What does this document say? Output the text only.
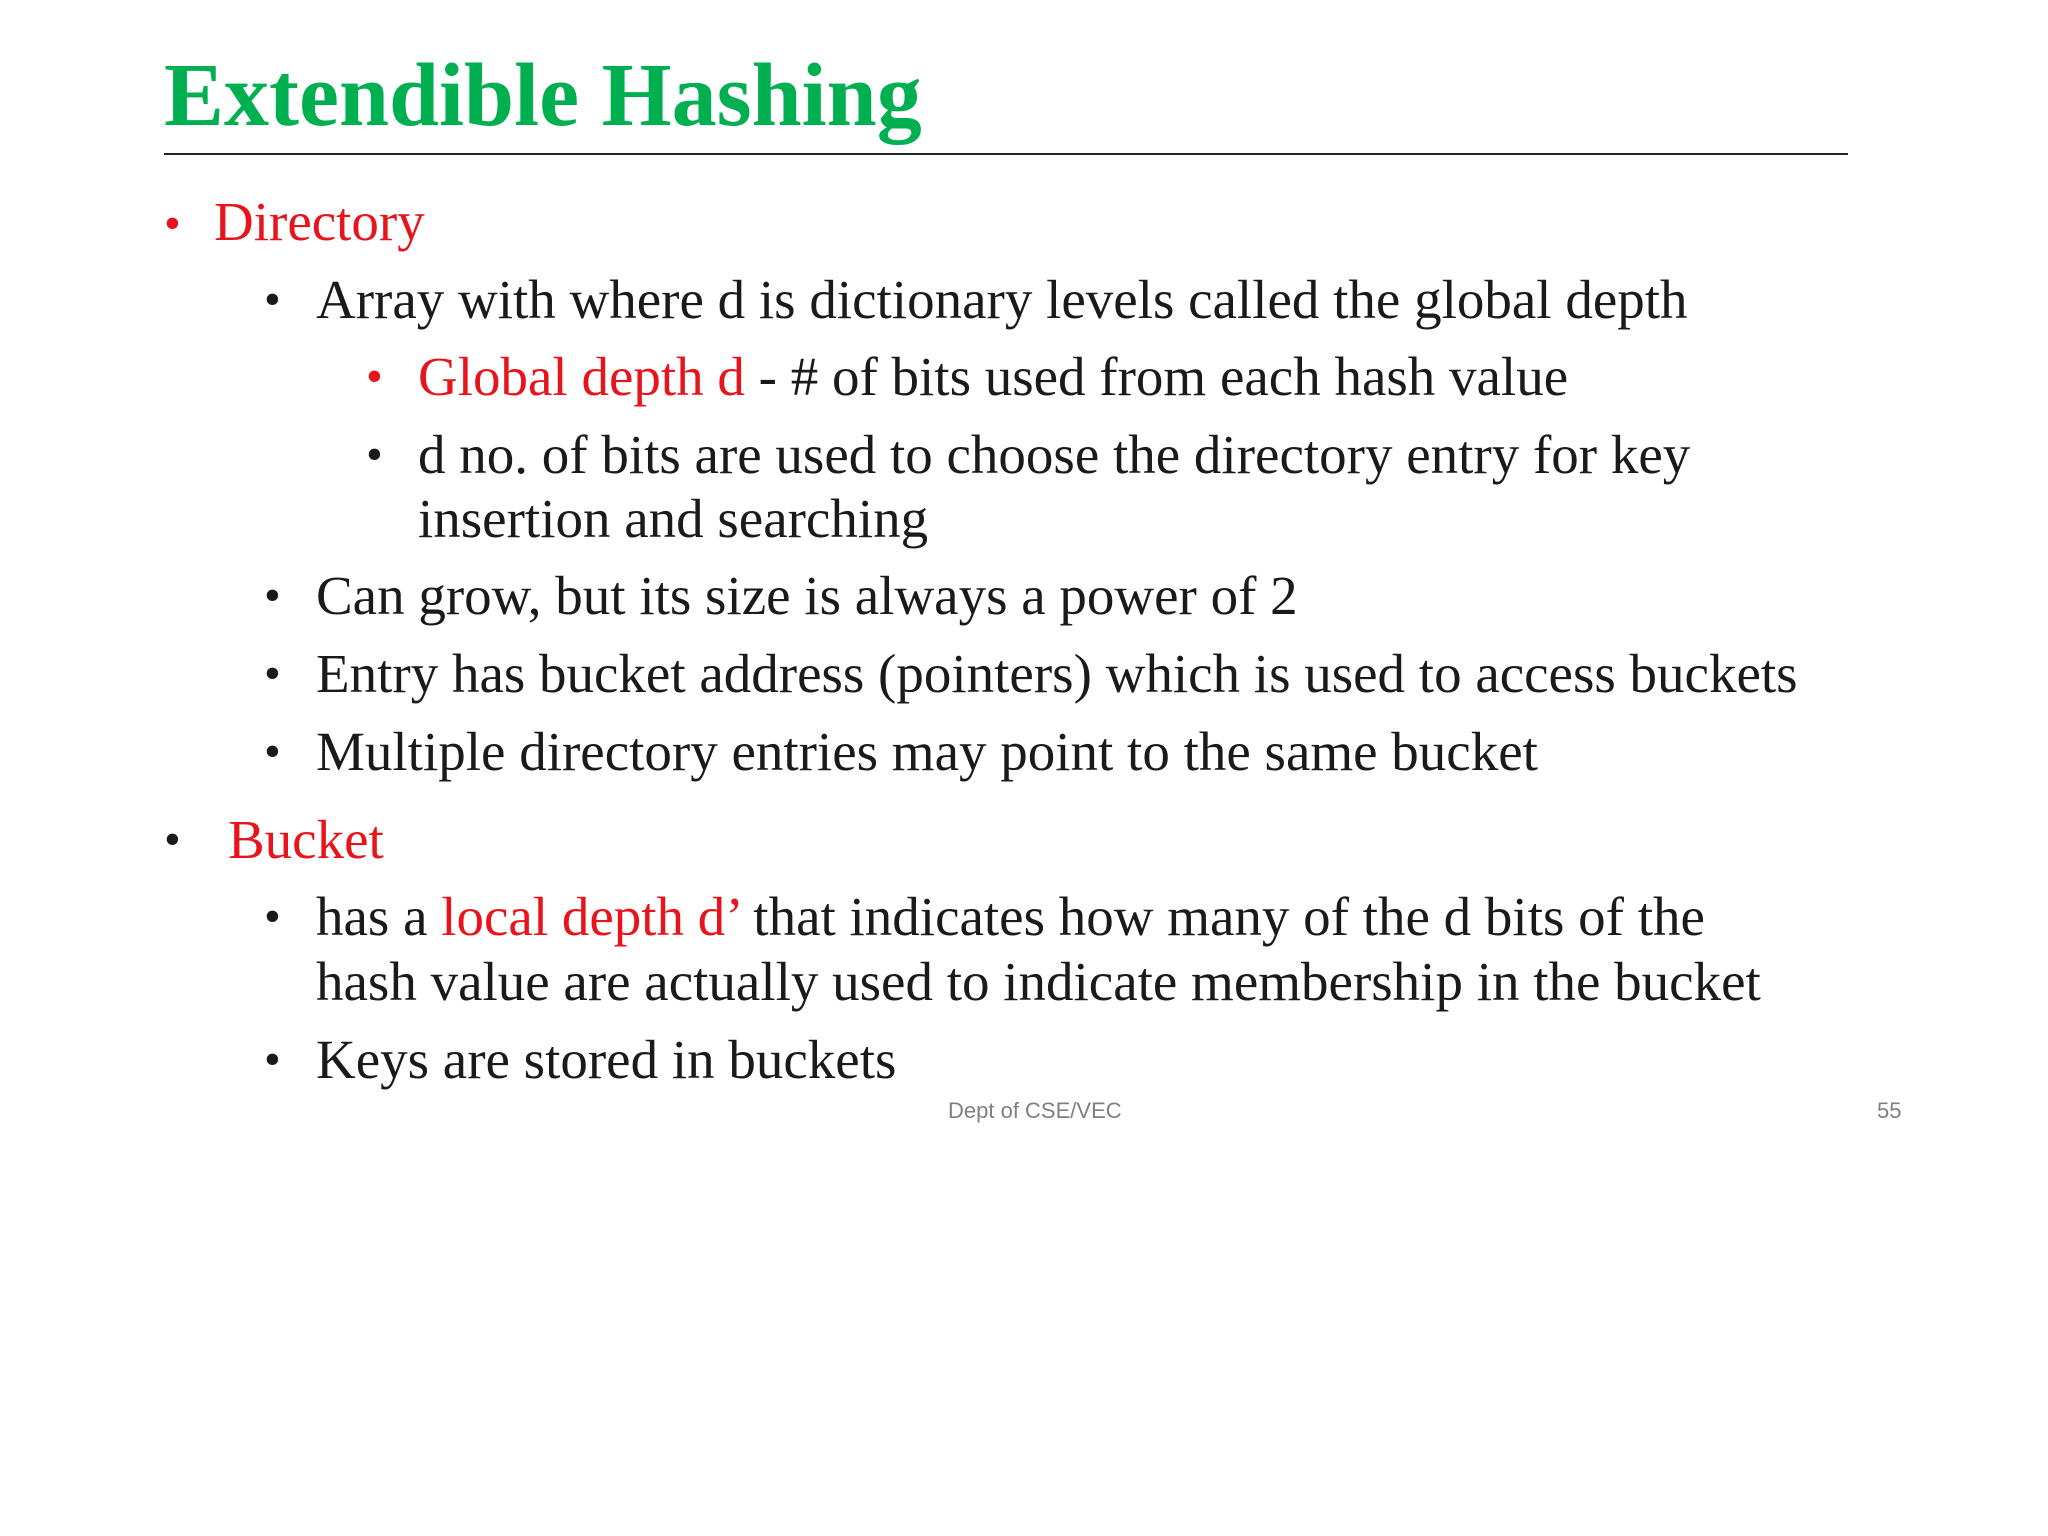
Extendible Hashing
• Directory
• Array with where d is dictionary levels called the global depth
• Global depth d - # of bits used from each hash value
• d no. of bits are used to choose the directory entry for key
insertion and searching
• Can grow, but its size is always a power of 2
• Entry has bucket address (pointers) which is used to access buckets
• Multiple directory entries may point to the same bucket
• Bucket
• has a local depth d’ that indicates how many of the d bits of the
hash value are actually used to indicate membership in the bucket
• Keys are stored in buckets
Dept of CSE/VEC	55
